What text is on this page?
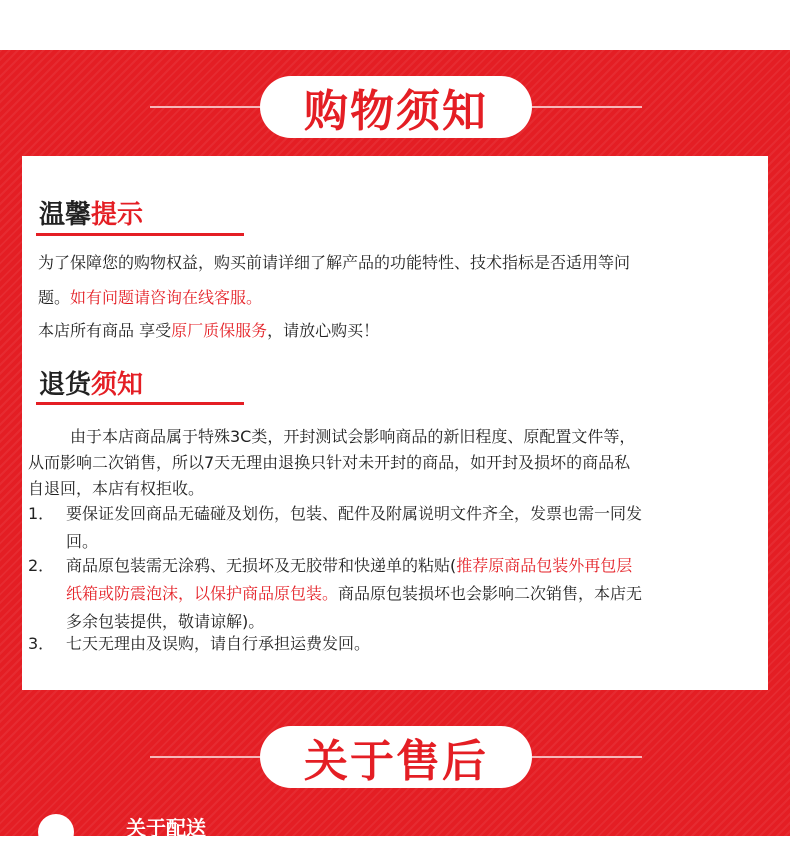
购物须知
温馨提示
为了保障您的购物权益，购买前请详细了解产品的功能特性、技术指标是否适用等问
题。如有问题请咨询在线客服。
本店所有商品 享受原厂质保服务，请放心购买！
退货须知
由于本店商品属于特殊3C类，开封测试会影响商品的新旧程度、原配置文件等，
从而影响二次销售，所以7天无理由退换只针对未开封的商品，如开封及损坏的商品私
自退回，本店有权拒收。
1． 要保证发回商品无磕碰及划伤，包装、配件及附属说明文件齐全，发票也需一同发
回。
2． 商品原包装需无涂鸦、无损坏及无胶带和快递单的粘贴(推荐原商品包装外再包层
纸箱或防震泡沫，以保护商品原包装。商品原包装损坏也会影响二次销售，本店无
多余包装提供，敬请谅解)。
3． 七天无理由及误购，请自行承担运费发回。
关于售后
关于配送
